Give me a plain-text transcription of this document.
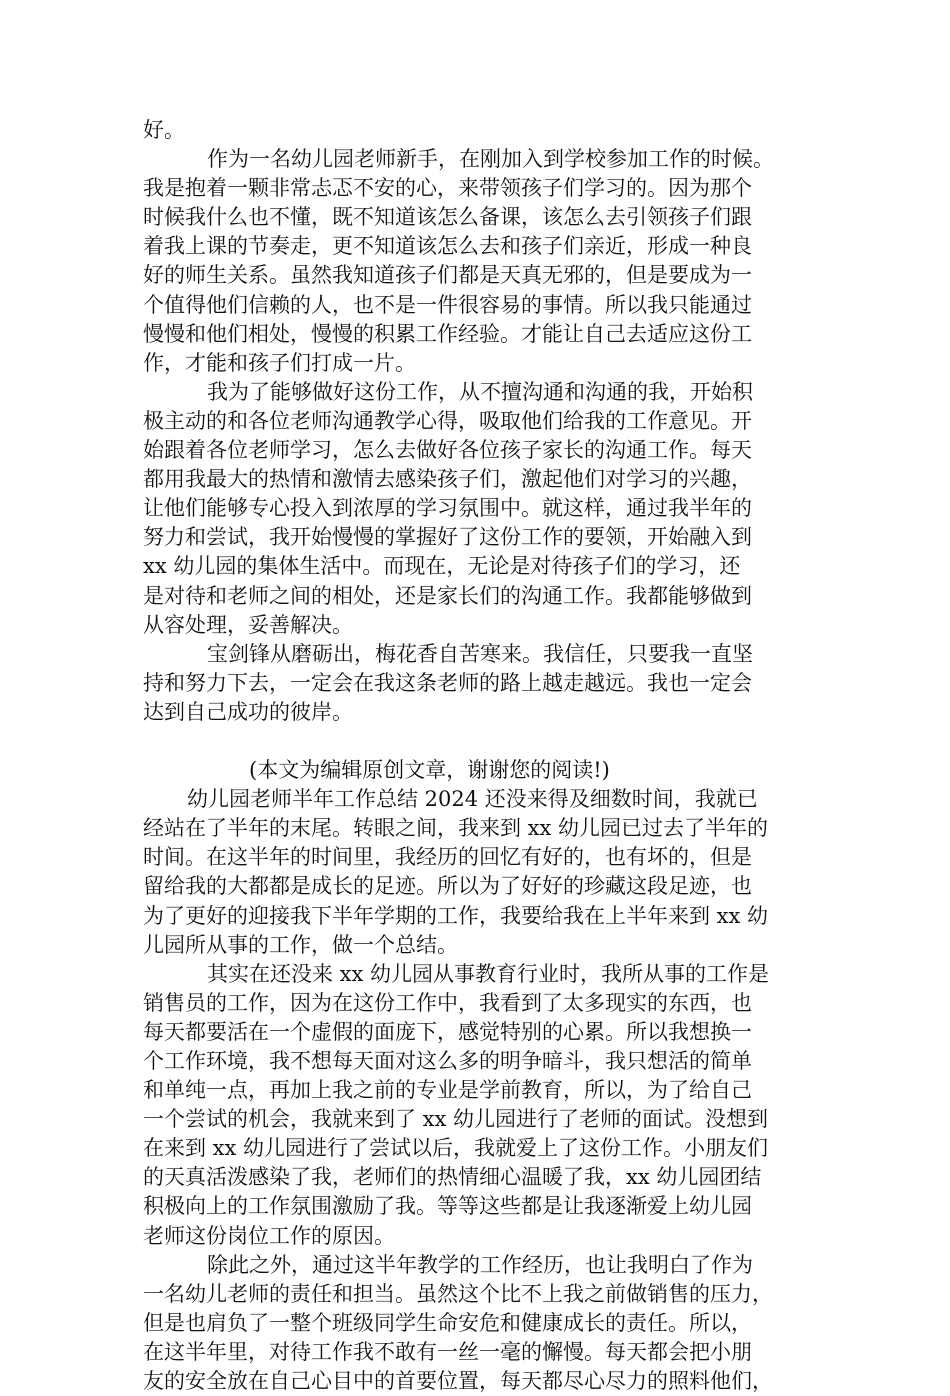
好。
作为一名幼儿园老师新手，在刚加入到学校参加工作的时候。
我是抱着一颗非常忐忑不安的心，来带领孩子们学习的。因为那个
时候我什么也不懂，既不知道该怎么备课，该怎么去引领孩子们跟
着我上课的节奏走，更不知道该怎么去和孩子们亲近，形成一种良
好的师生关系。虽然我知道孩子们都是天真无邪的，但是要成为一
个值得他们信赖的人，也不是一件很容易的事情。所以我只能通过
慢慢和他们相处，慢慢的积累工作经验。才能让自己去适应这份工
作，才能和孩子们打成一片。
我为了能够做好这份工作，从不擅沟通和沟通的我，开始积
极主动的和各位老师沟通教学心得，吸取他们给我的工作意见。开
始跟着各位老师学习，怎么去做好各位孩子家长的沟通工作。每天
都用我最大的热情和激情去感染孩子们，激起他们对学习的兴趣，
让他们能够专心投入到浓厚的学习氛围中。就这样，通过我半年的
努力和尝试，我开始慢慢的掌握好了这份工作的要领，开始融入到
xx 幼儿园的集体生活中。而现在，无论是对待孩子们的学习，还
是对待和老师之间的相处，还是家长们的沟通工作。我都能够做到
从容处理，妥善解决。
宝剑锋从磨砺出，梅花香自苦寒来。我信任，只要我一直坚
持和努力下去，一定会在我这条老师的路上越走越远。我也一定会
达到自己成功的彼岸。
(本文为编辑原创文章，谢谢您的阅读!)
幼儿园老师半年工作总结 2024 还没来得及细数时间，我就已
经站在了半年的末尾。转眼之间，我来到 xx 幼儿园已过去了半年的
时间。在这半年的时间里，我经历的回忆有好的，也有坏的，但是
留给我的大都都是成长的足迹。所以为了好好的珍藏这段足迹，也
为了更好的迎接我下半年学期的工作，我要给我在上半年来到 xx 幼
儿园所从事的工作，做一个总结。
其实在还没来 xx 幼儿园从事教育行业时，我所从事的工作是
销售员的工作，因为在这份工作中，我看到了太多现实的东西，也
每天都要活在一个虚假的面庞下，感觉特别的心累。所以我想换一
个工作环境，我不想每天面对这么多的明争暗斗，我只想活的简单
和单纯一点，再加上我之前的专业是学前教育，所以，为了给自己
一个尝试的机会，我就来到了 xx 幼儿园进行了老师的面试。没想到
在来到 xx 幼儿园进行了尝试以后，我就爱上了这份工作。小朋友们
的天真活泼感染了我，老师们的热情细心温暖了我，xx 幼儿园团结
积极向上的工作氛围激励了我。等等这些都是让我逐渐爱上幼儿园
老师这份岗位工作的原因。
除此之外，通过这半年教学的工作经历，也让我明白了作为
一名幼儿老师的责任和担当。虽然这个比不上我之前做销售的压力，
但是也肩负了一整个班级同学生命安危和健康成长的责任。所以，
在这半年里，对待工作我不敢有一丝一毫的懈慢。每天都会把小朋
友的安全放在自己心目中的首要位置，每天都尽心尽力的照料他们，
